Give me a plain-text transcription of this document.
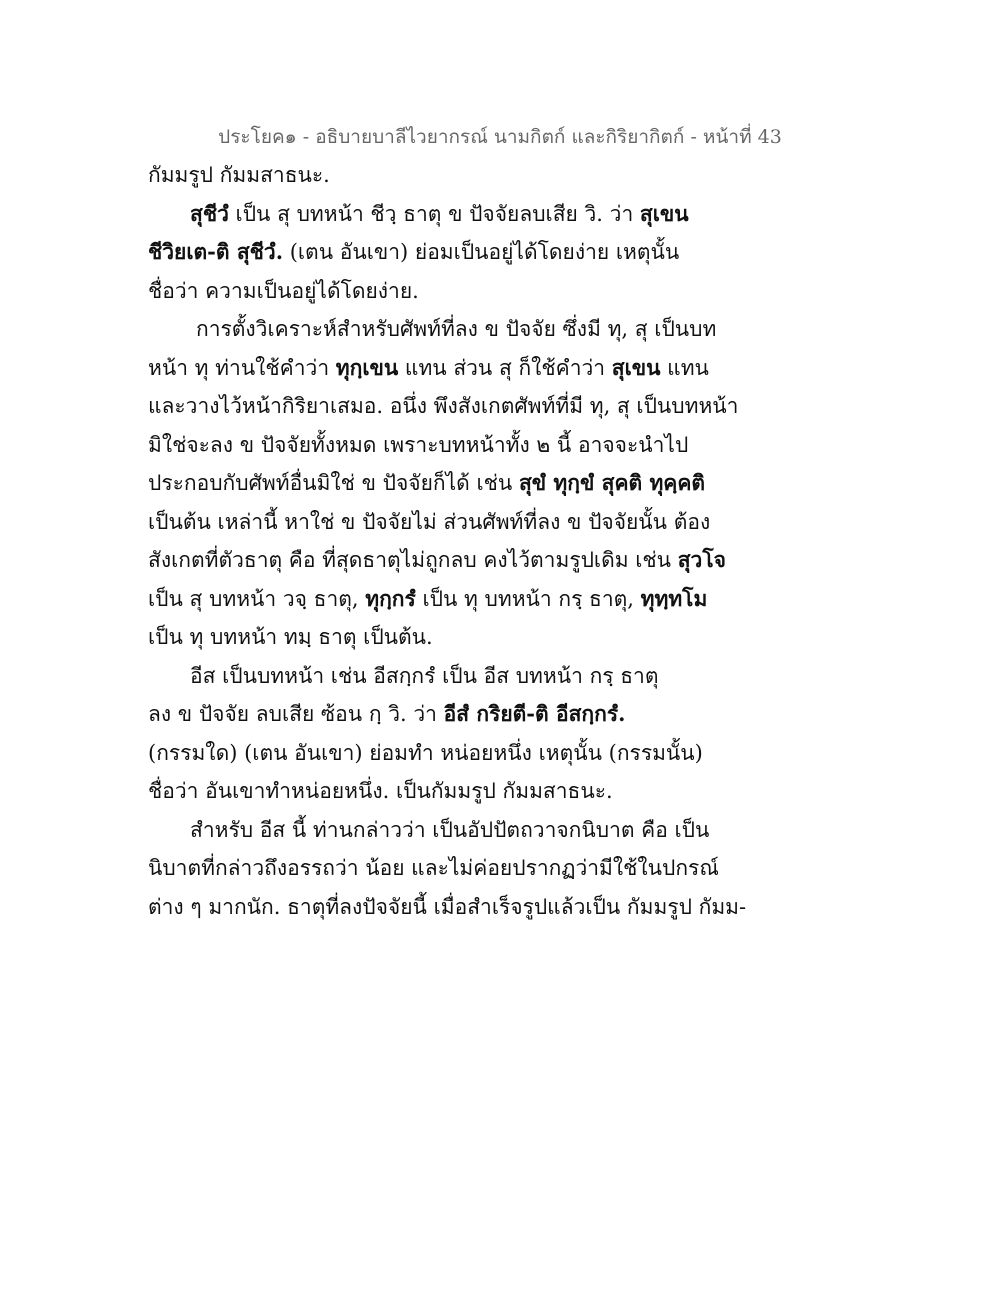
ประโยค๑ - อธิบายบาลีไวยากรณ์ นามกิตก์ และกิริยากิตก์ - หน้าที่ 43
กัมมรูป กัมมสาธนะ.
สุชีวํ เป็น สุ บทหน้า ชีวฺ ธาตุ ข ปัจจัยลบเสีย วิ. ว่า สุเขน
ชีวิยเต-ติ สุชีวํ. (เตน อันเขา) ย่อมเป็นอยู่ได้โดยง่าย เหตุนั้น
ชื่อว่า ความเป็นอยู่ได้โดยง่าย.
การตั้งวิเคราะห์สำหรับศัพท์ที่ลง ข ปัจจัย ซึ่งมี ทุ, สุ เป็นบท
หน้า ทุ ท่านใช้คำว่า ทุกฺเขน แทน ส่วน สุ ก็ใช้คำว่า สุเขน แทน
และวางไว้หน้ากิริยาเสมอ. อนึ่ง พึงสังเกตศัพท์ที่มี ทุ, สุ เป็นบทหน้า
มิใช่จะลง ข ปัจจัยทั้งหมด เพราะบทหน้าทั้ง ๒ นี้ อาจจะนำไป
ประกอบกับศัพท์อื่นมิใช่ ข ปัจจัยก็ได้ เช่น สุขํ ทุกฺขํ สุคติ ทุคฺคติ
เป็นต้น เหล่านี้ หาใช่ ข ปัจจัยไม่ ส่วนศัพท์ที่ลง ข ปัจจัยนั้น ต้อง
สังเกตที่ตัวธาตุ คือ ที่สุดธาตุไม่ถูกลบ คงไว้ตามรูปเดิม เช่น สุวโจ
เป็น สุ บทหน้า วจฺ ธาตุ, ทุกฺกรํ เป็น ทุ บทหน้า กรฺ ธาตุ, ทุทฺทโม
เป็น ทุ บทหน้า ทมฺ ธาตุ เป็นต้น.
อีส เป็นบทหน้า เช่น อีสกฺกรํ เป็น อีส บทหน้า กรฺ ธาตุ
ลง ข ปัจจัย ลบเสีย ซ้อน กฺ วิ. ว่า อีสํ กริยตี-ติ อีสกฺกรํ.
(กรรมใด) (เตน อันเขา) ย่อมทำ หน่อยหนึ่ง เหตุนั้น (กรรมนั้น)
ชื่อว่า อันเขาทำหน่อยหนึ่ง. เป็นกัมมรูป กัมมสาธนะ.
สำหรับ อีส นี้ ท่านกล่าวว่า เป็นอัปปัตถวาจกนิบาต คือ เป็น
นิบาตที่กล่าวถึงอรรถว่า น้อย และไม่ค่อยปรากฏว่ามีใช้ในปกรณ์
ต่าง ๆ มากนัก. ธาตุที่ลงปัจจัยนี้ เมื่อสำเร็จรูปแล้วเป็น กัมมรูป กัมม-
